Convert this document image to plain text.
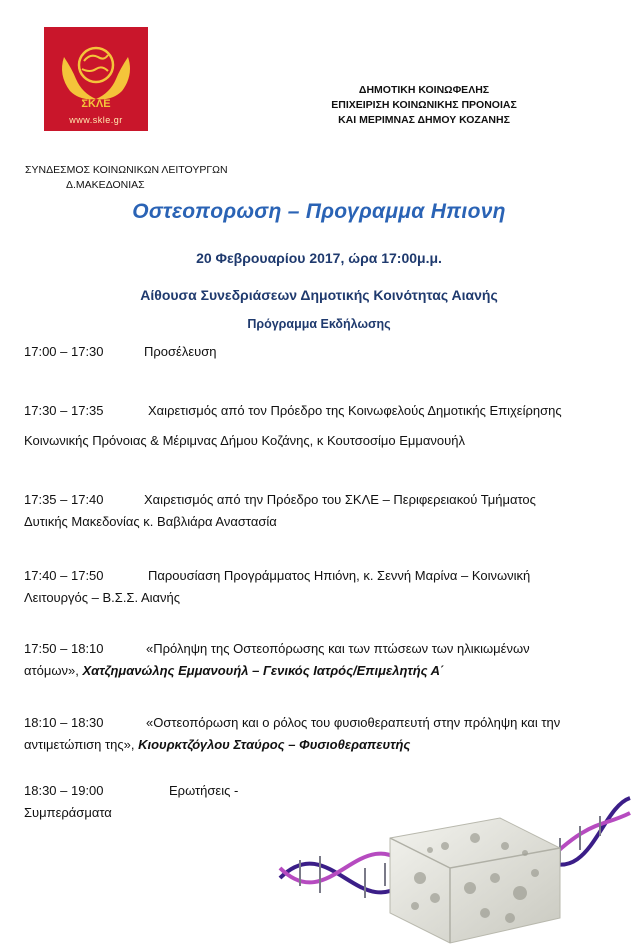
ΣΚΛΕ
www.skle.gr
ΔΗΜΟΤΙΚΗ ΚΟΙΝΩΦΕΛΗΣ
ΕΠΙΧΕΙΡΙΣΗ ΚΟΙΝΩΝΙΚΗΣ ΠΡΟΝΟΙΑΣ
ΚΑΙ ΜΕΡΙΜΝΑΣ ΔΗΜΟΥ ΚΟΖΑΝΗΣ
ΣΥΝΔΕΣΜΟΣ ΚΟΙΝΩΝΙΚΩΝ ΛΕΙΤΟΥΡΓΩΝ
Δ.ΜΑΚΕΔΟΝΙΑΣ
Οστεοπορωση – Προγραμμα Ηπιονη
20 Φεβρουαρίου 2017, ώρα 17:00μ.μ.
Αίθουσα Συνεδριάσεων Δημοτικής Κοινότητας Αιανής
Πρόγραμμα Εκδήλωσης
17:00 – 17:30	Προσέλευση
17:30 – 17:35	Χαιρετισμός από τον Πρόεδρο της Κοινωφελούς Δημοτικής Επιχείρησης
Κοινωνικής Πρόνοιας & Μέριμνας Δήμου Κοζάνης, κ Κουτσοσίμο Εμμανουήλ
17:35 – 17:40	Χαιρετισμός από την Πρόεδρο του ΣΚΛΕ – Περιφερειακού Τμήματος
Δυτικής Μακεδονίας κ. Βαβλιάρα Αναστασία
17:40 – 17:50	Παρουσίαση Προγράμματος Ηπιόνη, κ. Σεννή Μαρίνα – Κοινωνική
Λειτουργός – Β.Σ.Σ. Αιανής
17:50 – 18:10	«Πρόληψη της Οστεοπόρωσης και των πτώσεων των ηλικιωμένων
ατόμων», Χατζημανώλης Εμμανουήλ – Γενικός Ιατρός/Επιμελητής Α΄
18:10 – 18:30	«Οστεοπόρωση και ο ρόλος του φυσιοθεραπευτή στην πρόληψη και την
αντιμετώπιση της», Κιουρκτζόγλου Σταύρος – Φυσιοθεραπευτής
18:30 – 19:00	Ερωτήσεις -
Συμπεράσματα
